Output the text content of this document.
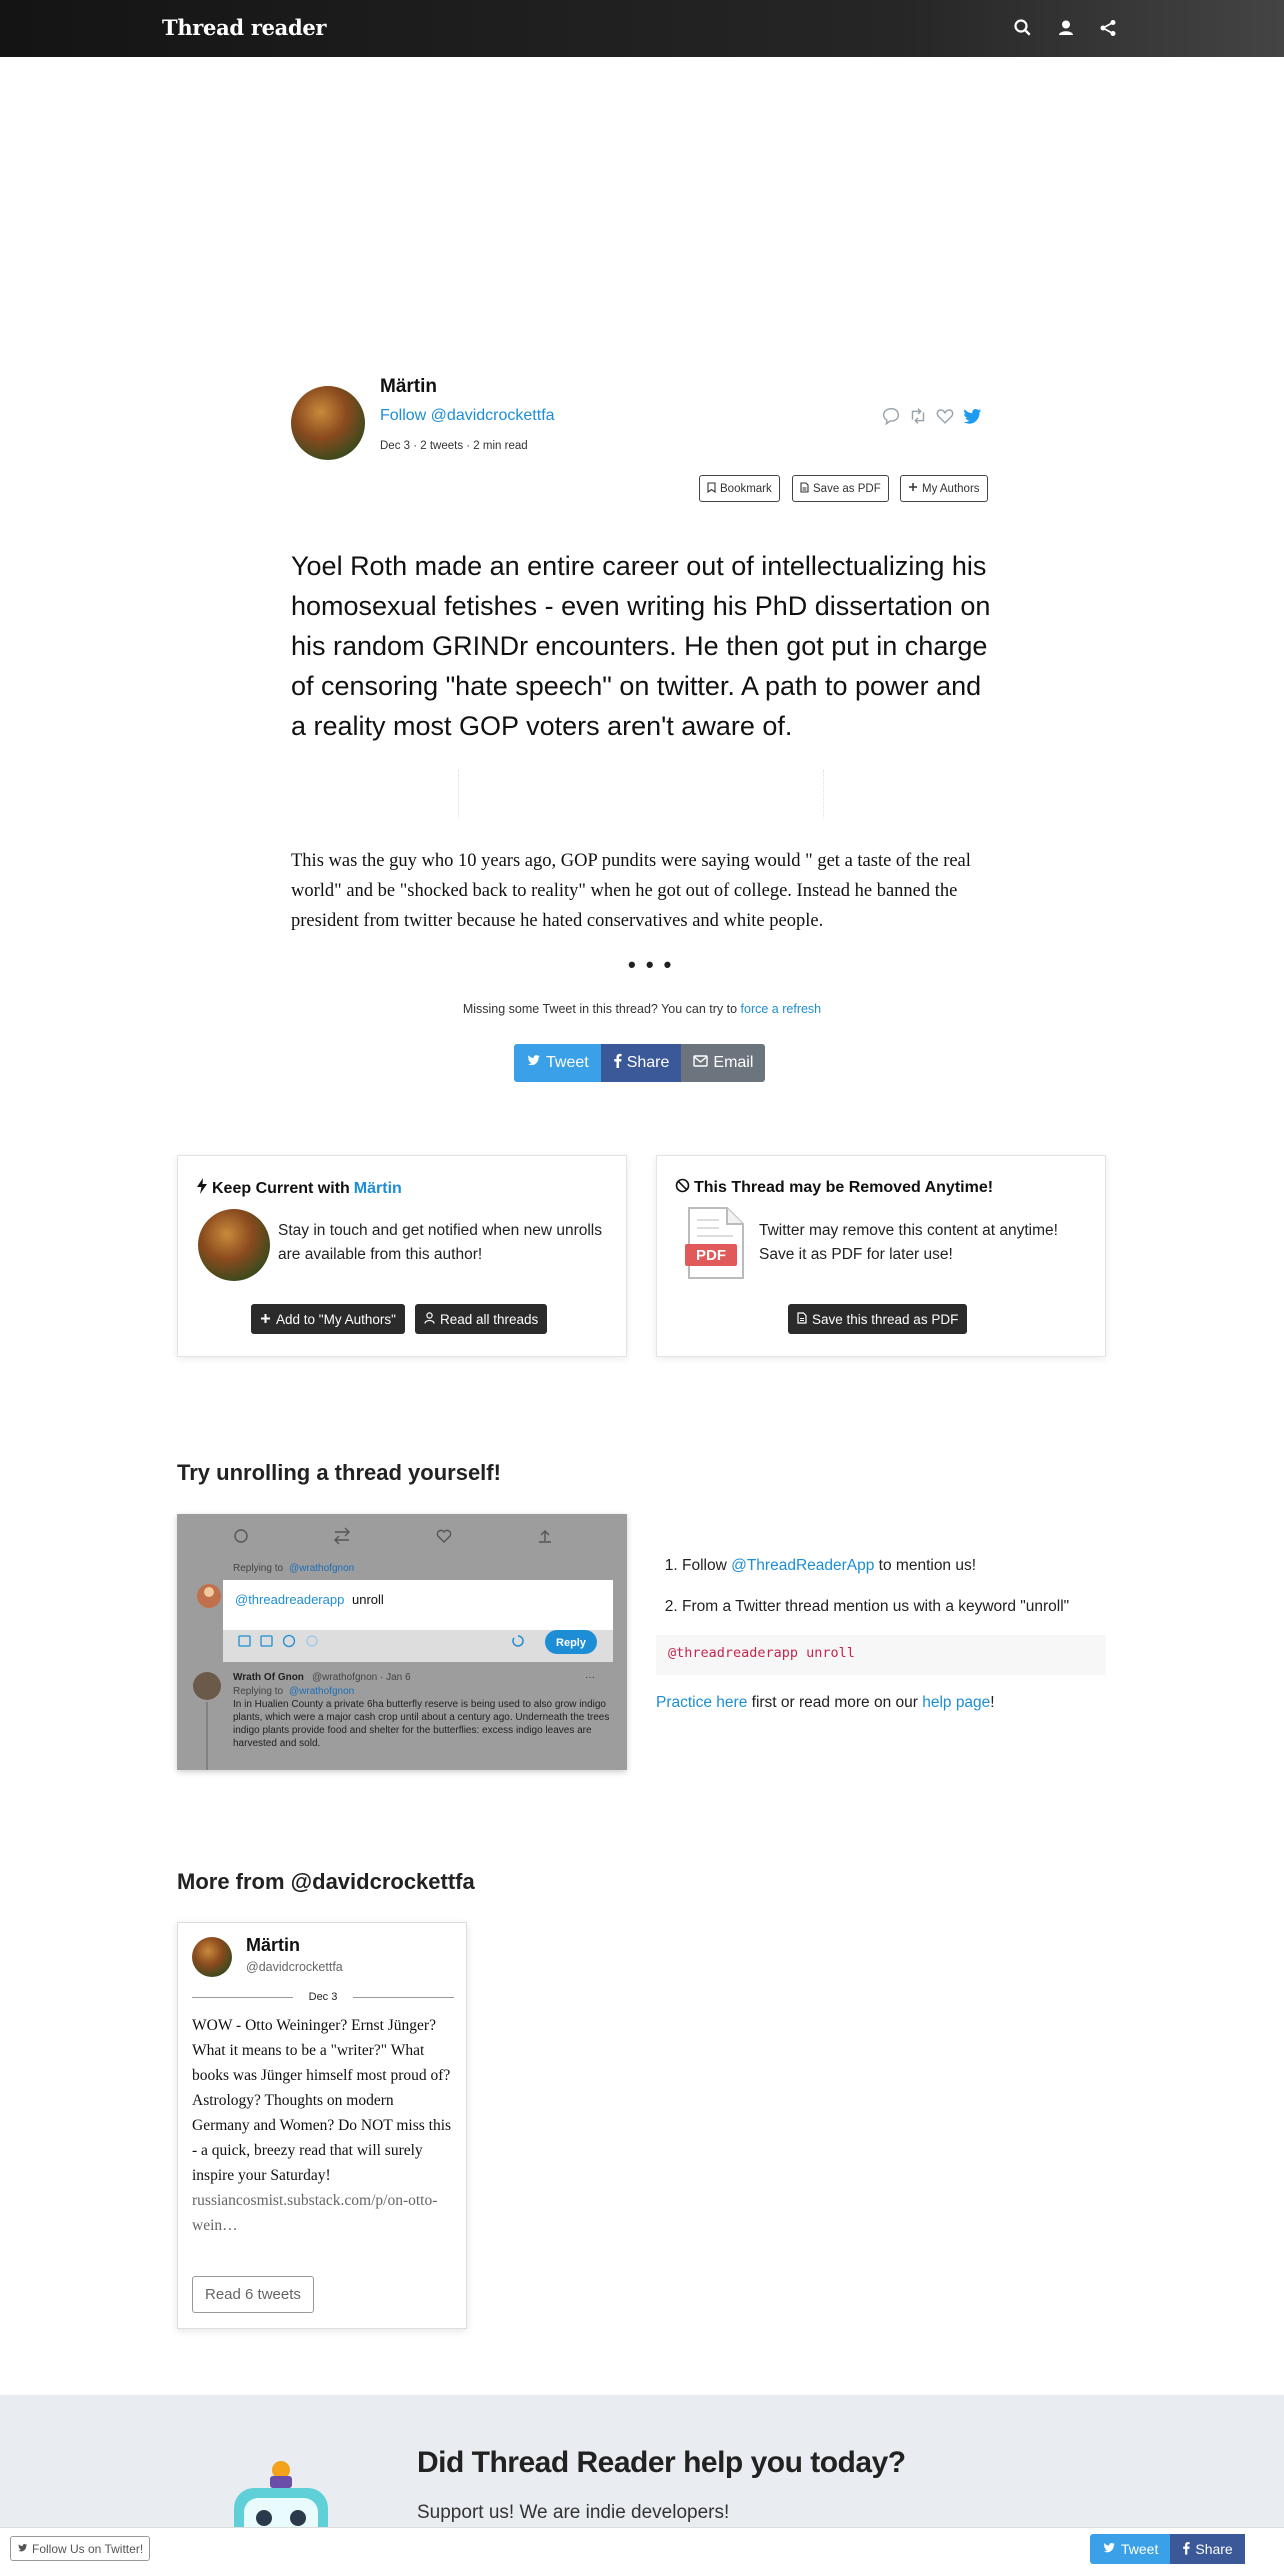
Thread reader
Märtin
Follow @davidcrockettfa
Dec 3 · 2 tweets · 2 min read
Bookmark	Save as PDF	My Authors
Yoel Roth made an entire career out of intellectualizing his homosexual fetishes - even writing his PhD dissertation on his random GRINDr encounters. He then got put in charge of censoring "hate speech" on twitter. A path to power and a reality most GOP voters aren't aware of.
This was the guy who 10 years ago, GOP pundits were saying would " get a taste of the real world" and be "shocked back to reality" when he got out of college. Instead he banned the president from twitter because he hated conservatives and white people.
• • •
Missing some Tweet in this thread? You can try to force a refresh
Tweet Share	Email
Keep Current with Märtin
Stay in touch and get notified when new unrolls are available from this author!
Add to "My Authors"	Read all threads
This Thread may be Removed Anytime!
PDF
Twitter may remove this content at anytime! Save it as PDF for later use!
Save this thread as PDF
Try unrolling a thread yourself!
Replying to @wrathofgnon
@threadreaderapp unroll
Reply
Wrath Of Gnon @wrathofgnon · Jan 6	···
Replying to @wrathofgnon
In in Hualien County a private 6ha butterfly reserve is being used to also grow indigo plants, which were a major cash crop until about a century ago. Underneath the trees indigo plants provide food and shelter for the butterflies: excess indigo leaves are harvested and sold.
1. Follow @ThreadReaderApp to mention us!
2. From a Twitter thread mention us with a keyword "unroll"
@threadreaderapp unroll
Practice here first or read more on our help page!
More from @davidcrockettfa
Märtin
@davidcrockettfa
Dec 3
WOW - Otto Weininger? Ernst Jünger? What it means to be a "writer?" What books was Jünger himself most proud of? Astrology? Thoughts on modern Germany and Women? Do NOT miss this - a quick, breezy read that will surely inspire your Saturday! russiancosmist.substack.com/p/on-otto-wein…
Read 6 tweets
Did Thread Reader help you today?
Support us! We are indie developers!
Follow Us on Twitter!	Tweet	Share
